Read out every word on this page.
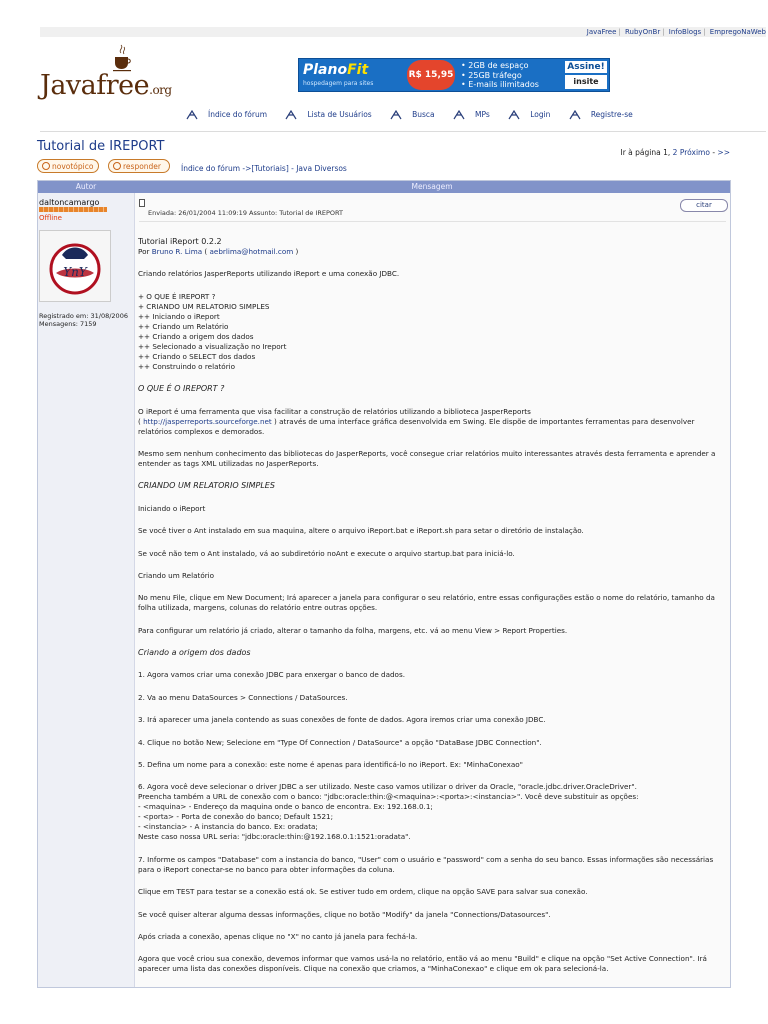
JavaFree | RubyOnBr | InfoBlogs | EmpregoNaWeb
Javafree.org
PlanoFit
hospedagem para sites
R$ 15,95
• 2GB de espaço
• 25GB tráfego
• E-mails ilimitados
Assine!
insite
Índice do fórum	Lista de Usuários	Busca	MPs	Login	Registre-se
Tutorial de IREPORT	Ir à página 1, 2 Próximo - >>
novotópico	responder	Índice do fórum ->[Tutoriais] - Java Diversos
Autor	Mensagem
daltoncamargo
Offline
YnY
Registrado em: 31/08/2006
Mensagens: 7159
Enviada: 26/01/2004 11:09:19 Assunto: Tutorial de IREPORT
citar

Tutorial iReport 0.2.2

Por Bruno R. Lima ( aebrlima@hotmail.com )

Criando relatórios JasperReports utilizando iReport e uma conexão JDBC.

+ O QUE É IREPORT ?

+ CRIANDO UM RELATORIO SIMPLES

++ Iniciando o iReport

++ Criando um Relatório

++ Criando a origem dos dados

++ Selecionado a visualização no Ireport

++ Criando o SELECT dos dados

++ Construindo o relatório

O QUE É O IREPORT ?

O iReport é uma ferramenta que visa facilitar a construção de relatórios utilizando a biblioteca JasperReports
( http://jasperreports.sourceforge.net ) através de uma interface gráfica desenvolvida em Swing. Ele dispõe de importantes ferramentas para desenvolver relatórios complexos e demorados.

Mesmo sem nenhum conhecimento das bibliotecas do JasperReports, você consegue criar relatórios muito interessantes através desta ferramenta e aprender a entender as tags XML utilizadas no JasperReports.

CRIANDO UM RELATORIO SIMPLES

Iniciando o iReport

Se você tiver o Ant instalado em sua maquina, altere o arquivo iReport.bat e iReport.sh para setar o diretório de instalação.

Se você não tem o Ant instalado, vá ao subdiretório noAnt e execute o arquivo startup.bat para iniciá-lo.

Criando um Relatório

No menu File, clique em New Document; Irá aparecer a janela para configurar o seu relatório, entre essas configurações estão o nome do relatório, tamanho da folha utilizada, margens, colunas do relatório entre outras opções.

Para configurar um relatório já criado, alterar o tamanho da folha, margens, etc. vá ao menu View > Report Properties.

Criando a origem dos dados

1. Agora vamos criar uma conexão JDBC para enxergar o banco de dados.

2. Va ao menu DataSources > Connections / DataSources.

3. Irá aparecer uma janela contendo as suas conexões de fonte de dados. Agora iremos criar uma conexão JDBC.

4. Clique no botão New; Selecione em "Type Of Connection / DataSource" a opção "DataBase JDBC Connection".

5. Defina um nome para a conexão: este nome é apenas para identificá-lo no iReport. Ex: "MinhaConexao"

6. Agora você deve selecionar o driver JDBC a ser utilizado. Neste caso vamos utilizar o driver da Oracle, "oracle.jdbc.driver.OracleDriver".

Preencha também a URL de conexão com o banco: "jdbc:oracle:thin:@<maquina>:<porta>:<instancia>". Você deve substituir as opções:

- <maquina> - Endereço da maquina onde o banco de encontra. Ex: 192.168.0.1;

- <porta> - Porta de conexão do banco; Default 1521;

- <instancia> - A instancia do banco. Ex: oradata;

Neste caso nossa URL seria: "jdbc:oracle:thin:@192.168.0.1:1521:oradata".

7. Informe os campos "Database" com a instancia do banco, "User" com o usuário e "password" com a senha do seu banco. Essas informações são necessárias para o iReport conectar-se no banco para obter informações da coluna.

Clique em TEST para testar se a conexão está ok. Se estiver tudo em ordem, clique na opção SAVE para salvar sua conexão.

Se você quiser alterar alguma dessas informações, clique no botão "Modify" da janela "Connections/Datasources".

Após criada a conexão, apenas clique no "X" no canto já janela para fechá-la.

Agora que você criou sua conexão, devemos informar que vamos usá-la no relatório, então vá ao menu "Build" e clique na opção "Set Active Connection". Irá aparecer uma lista das conexões disponíveis. Clique na conexão que criamos, a "MinhaConexao" e clique em ok para selecioná-la.
